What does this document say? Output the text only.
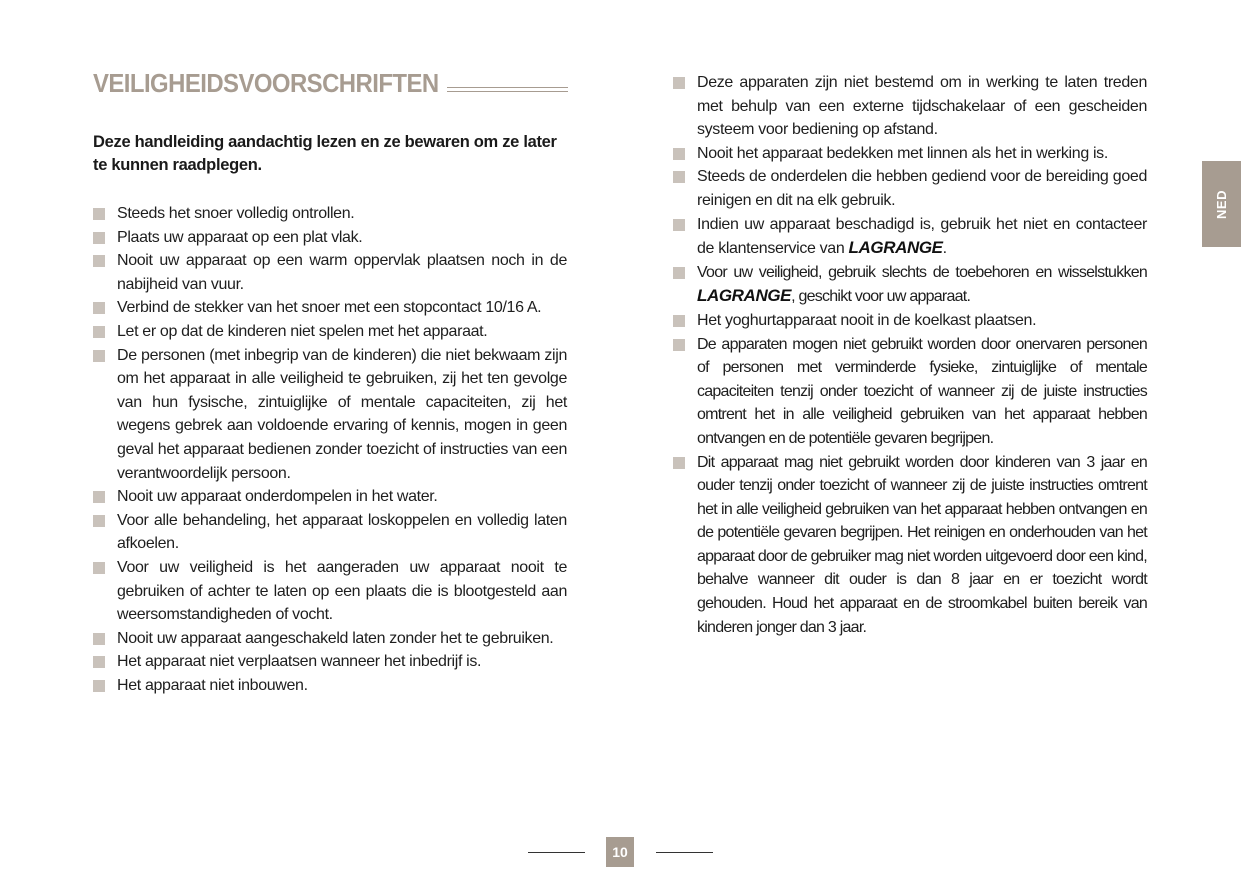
VEILIGHEIDSVOORSCHRIFTEN
Deze handleiding aandachtig lezen en ze bewaren om ze later te kunnen raadplegen.
Steeds het snoer volledig ontrollen.
Plaats uw apparaat op een plat vlak.
Nooit uw apparaat op een warm oppervlak plaatsen noch in de nabijheid van vuur.
Verbind de stekker van het snoer met een stopcontact 10/16 A.
Let er op dat de kinderen niet spelen met het apparaat.
De personen (met inbegrip van de kinderen) die niet bekwaam zijn om het apparaat in alle veiligheid te gebruiken, zij het ten gevolge van hun fysische, zintuiglijke of mentale capaciteiten, zij het wegens gebrek aan voldoende ervaring of kennis, mogen in geen geval het apparaat bedienen zonder toezicht of instructies van een verantwoordelijk persoon.
Nooit uw apparaat onderdompelen in het water.
Voor alle behandeling, het apparaat loskoppelen en volledig laten afkoelen.
Voor uw veiligheid is het aangeraden uw apparaat nooit te gebruiken of achter te laten op een plaats die is blootgesteld aan weersomstandigheden of vocht.
Nooit uw apparaat aangeschakeld laten zonder het te gebruiken.
Het apparaat niet verplaatsen wanneer het inbedrijf is.
Het apparaat niet inbouwen.
Deze apparaten zijn niet bestemd om in werking te laten treden met behulp van een externe tijdschakelaar of een gescheiden systeem voor bediening op afstand.
Nooit het apparaat bedekken met linnen als het in werking is.
Steeds de onderdelen die hebben gediend voor de bereiding goed reinigen en dit na elk gebruik.
Indien uw apparaat beschadigd is, gebruik het niet en contacteer de klantenservice van LAGRANGE.
Voor uw veiligheid, gebruik slechts de toebehoren en wisselstukken LAGRANGE, geschikt voor uw apparaat.
Het yoghurtapparaat nooit in de koelkast plaatsen.
De apparaten mogen niet gebruikt worden door onervaren personen of personen met verminderde fysieke, zintuiglijke of mentale capaciteiten tenzij onder toezicht of wanneer zij de juiste instructies omtrent het in alle veiligheid gebruiken van het apparaat hebben ontvangen en de potentiële gevaren begrijpen.
Dit apparaat mag niet gebruikt worden door kinderen van 3 jaar en ouder tenzij onder toezicht of wanneer zij de juiste instructies omtrent het in alle veiligheid gebruiken van het apparaat hebben ontvangen en de potentiële gevaren begrijpen. Het reinigen en onderhouden van het apparaat door de gebruiker mag niet worden uitgevoerd door een kind, behalve wanneer dit ouder is dan 8 jaar en er toezicht wordt gehouden. Houd het apparaat en de stroomkabel buiten bereik van kinderen jonger dan 3 jaar.
NED
10
